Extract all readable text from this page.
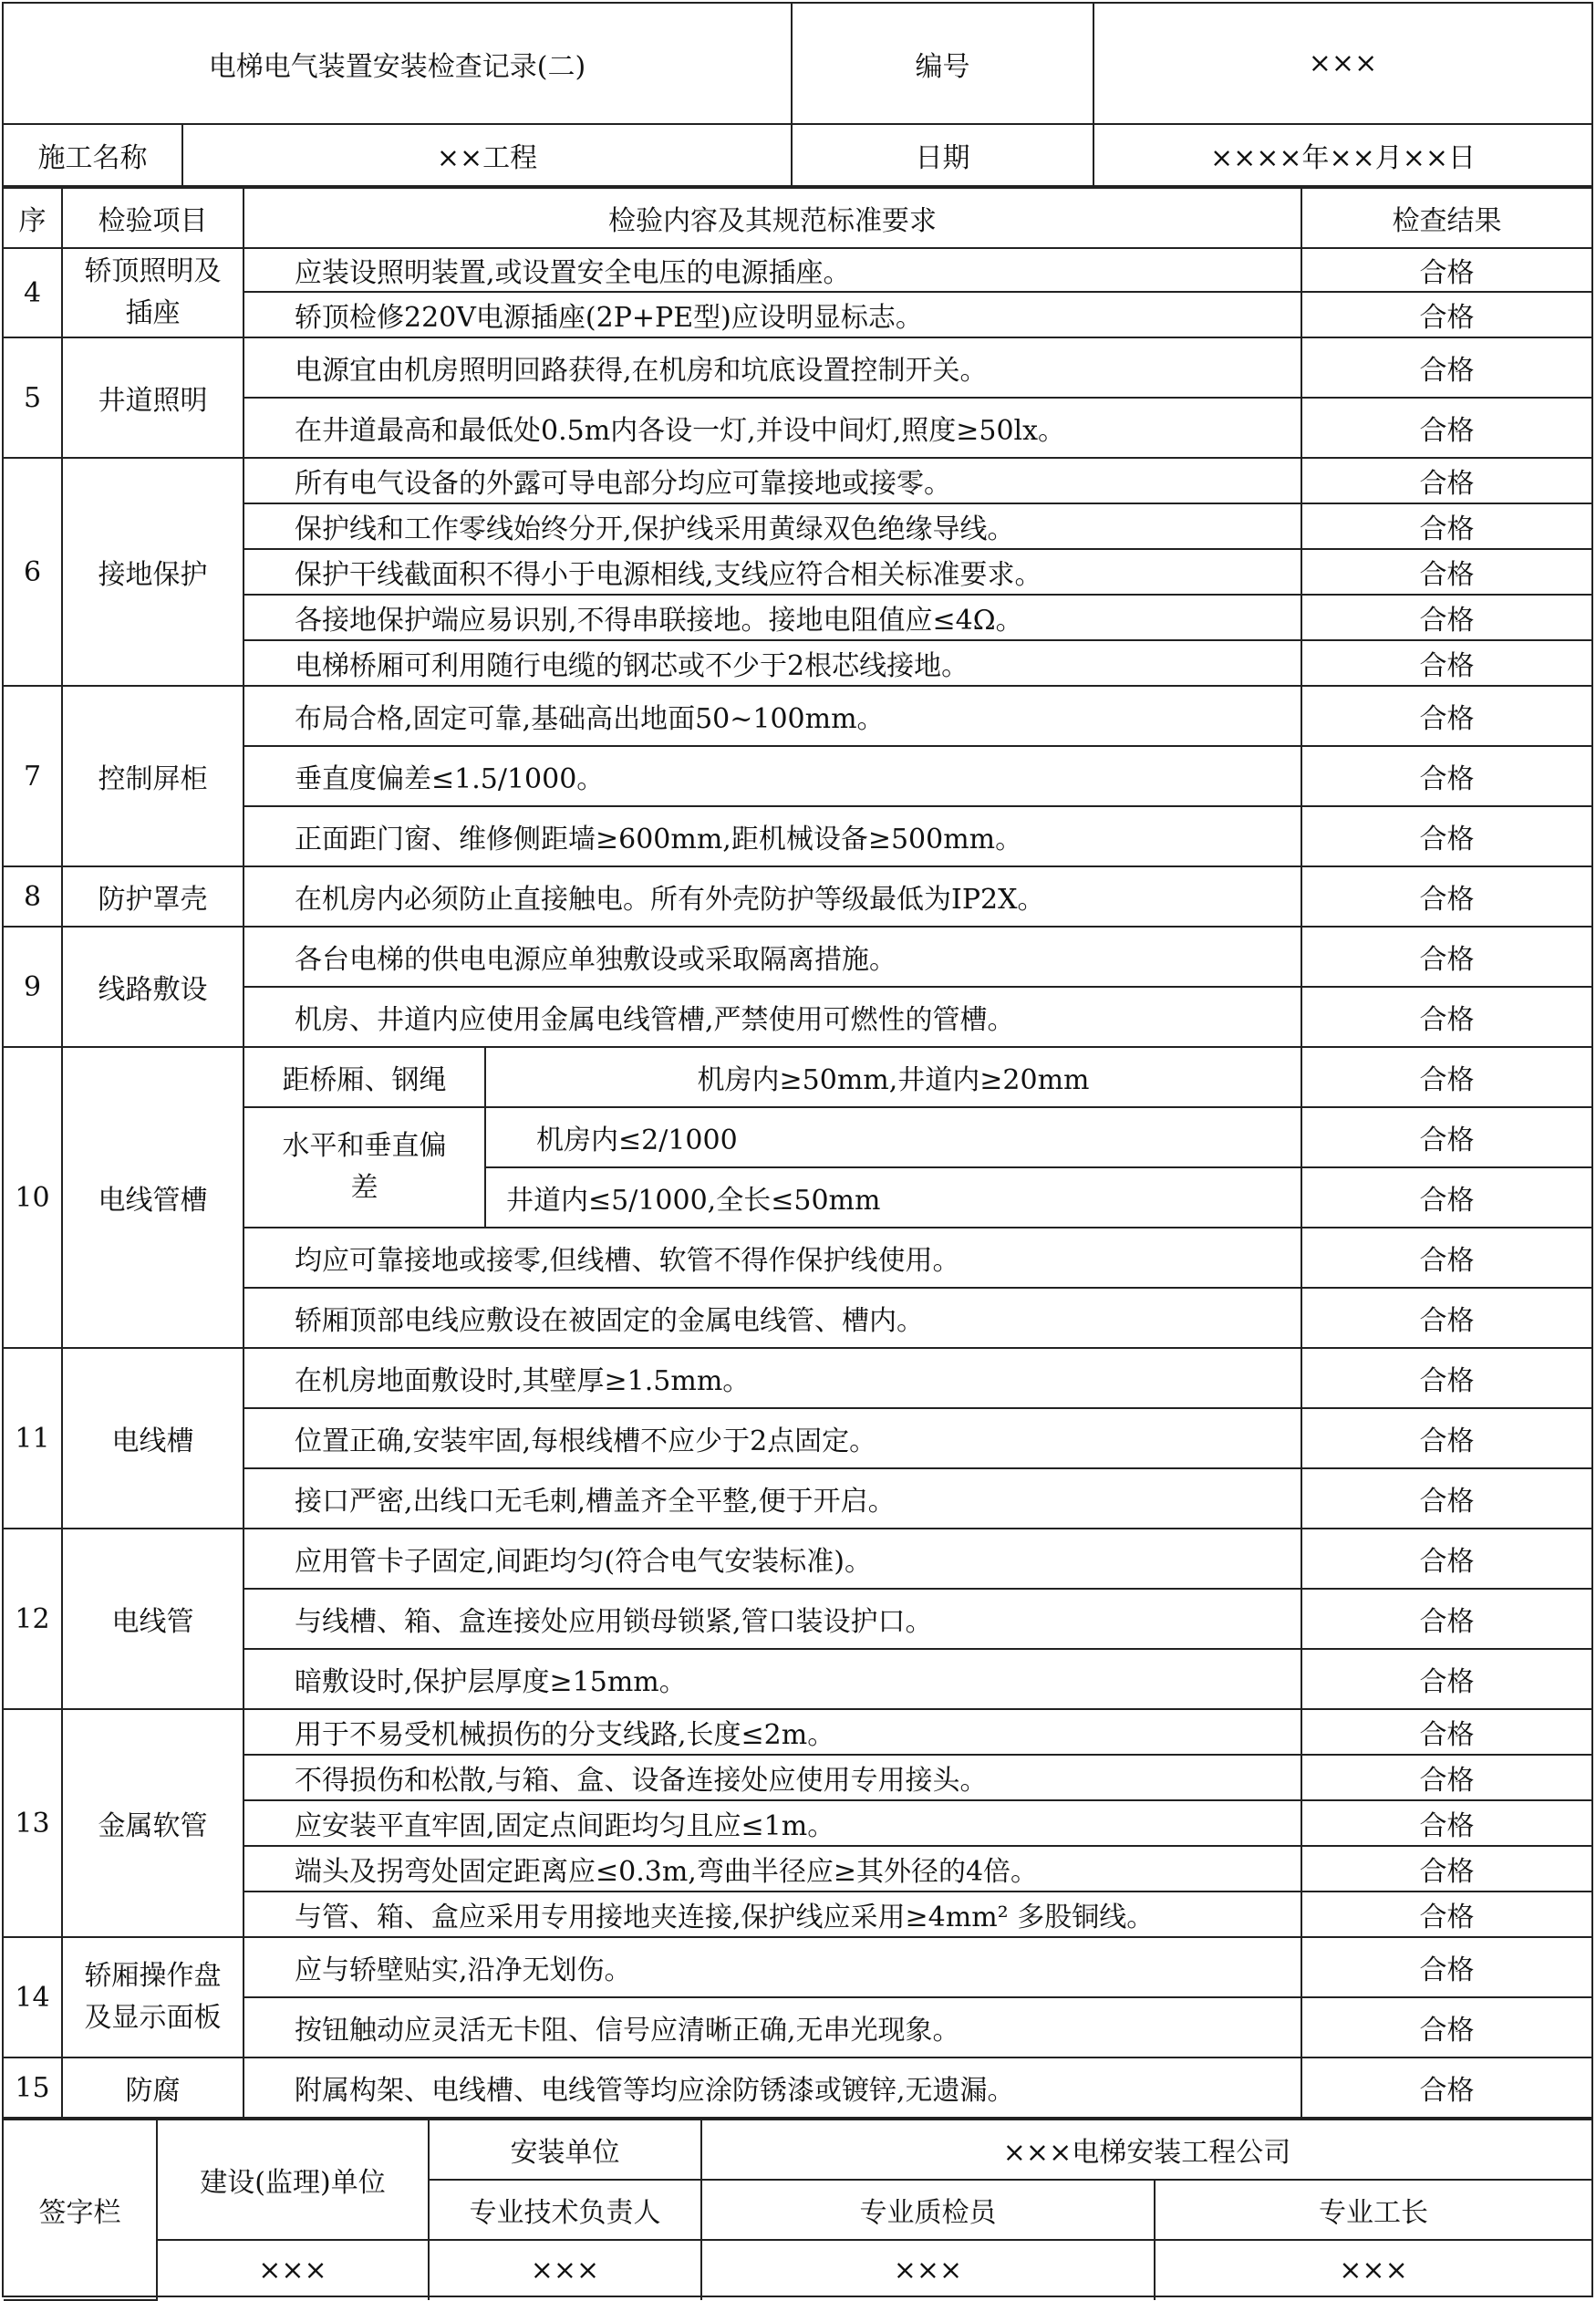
电梯电气装置安装检查记录(二)		编号	×××
施工名称	××工程	日期	××××年××月××日
序	检验项目	检验内容及其规范标准要求		检查结果
4	轿顶照明及插座	应装设照明装置,或设置安全电压的电源插座。		合格
		轿顶检修220V电源插座(2P+PE型)应设明显标志。		合格
5	井道照明	电源宜由机房照明回路获得,在机房和坑底设置控制开关。		合格
		在井道最高和最低处0.5m内各设一灯,并设中间灯,照度≥50lx。		合格
6	接地保护	所有电气设备的外露可导电部分均应可靠接地或接零。		合格
		保护线和工作零线始终分开,保护线采用黄绿双色绝缘导线。		合格
		保护干线截面积不得小于电源相线,支线应符合相关标准要求。		合格
		各接地保护端应易识别,不得串联接地。接地电阻值应≤4Ω。		合格
		电梯桥厢可利用随行电缆的钢芯或不少于2根芯线接地。		合格
7	控制屏柜	布局合格,固定可靠,基础高出地面50~100mm。		合格
		垂直度偏差≤1.5/1000。		合格
		正面距门窗、维修侧距墙≥600mm,距机械设备≥500mm。		合格
8	防护罩壳	在机房内必须防止直接触电。所有外壳防护等级最低为IP2X。		合格
9	线路敷设	各台电梯的供电电源应单独敷设或采取隔离措施。		合格
		机房、井道内应使用金属电线管槽,严禁使用可燃性的管槽。		合格
10	电线管槽	距桥厢、钢绳	机房内≥50mm,井道内≥20mm	合格
		水平和垂直偏差	机房内≤2/1000	合格
			井道内≤5/1000,全长≤50mm	合格
		均应可靠接地或接零,但线槽、软管不得作保护线使用。		合格
		轿厢顶部电线应敷设在被固定的金属电线管、槽内。		合格
11	电线槽	在机房地面敷设时,其壁厚≥1.5mm。		合格
		位置正确,安装牢固,每根线槽不应少于2点固定。		合格
		接口严密,出线口无毛刺,槽盖齐全平整,便于开启。		合格
12	电线管	应用管卡子固定,间距均匀(符合电气安装标准)。		合格
		与线槽、箱、盒连接处应用锁母锁紧,管口装设护口。		合格
		暗敷设时,保护层厚度≥15mm。		合格
13	金属软管	用于不易受机械损伤的分支线路,长度≤2m。		合格
		不得损伤和松散,与箱、盒、设备连接处应使用专用接头。		合格
		应安装平直牢固,固定点间距均匀且应≤1m。		合格
		端头及拐弯处固定距离应≤0.3m,弯曲半径应≥其外径的4倍。		合格
		与管、箱、盒应采用专用接地夹连接,保护线应采用≥4mm² 多股铜线。		合格
14	轿厢操作盘及显示面板	应与轿壁贴实,沿净无划伤。		合格
		按钮触动应灵活无卡阻、信号应清晰正确,无串光现象。		合格
15	防腐	附属构架、电线槽、电线管等均应涂防锈漆或镀锌,无遗漏。		合格
签字栏	建设(监理)单位	安装单位	×××电梯安装工程公司	
		专业技术负责人	专业质检员	专业工长
	×××	×××	×××	×××
